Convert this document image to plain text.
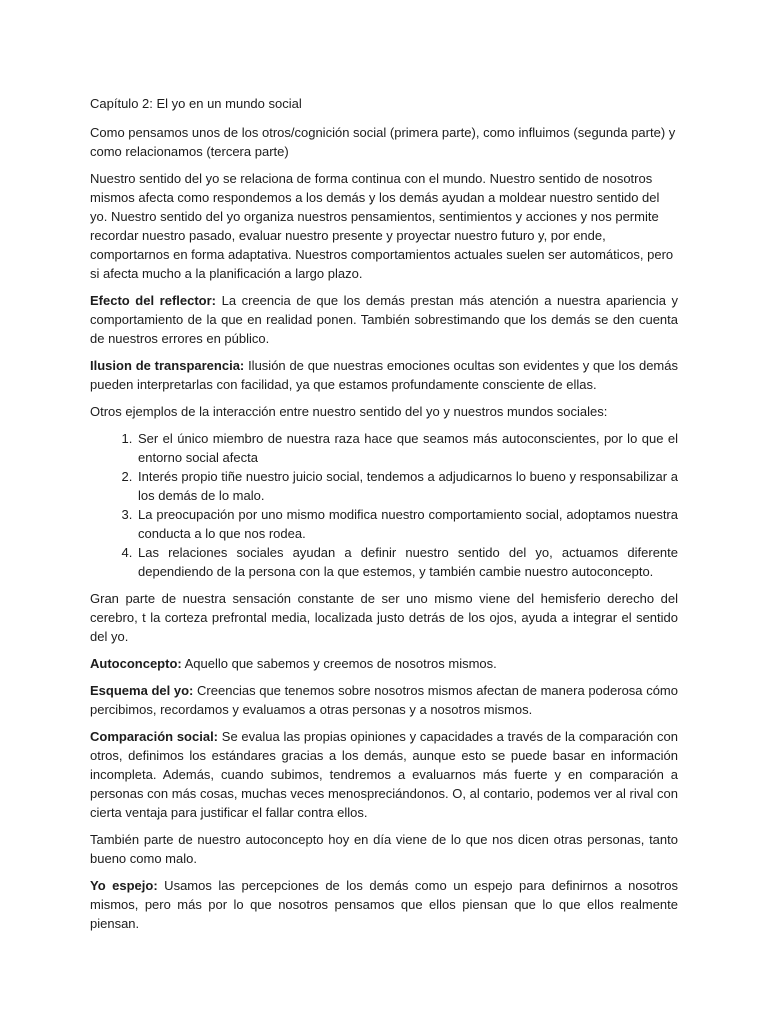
Capítulo 2: El yo en un mundo social

Como pensamos unos de los otros/cognición social (primera parte), como influimos (segunda parte) y como relacionamos (tercera parte)

Nuestro sentido del yo se relaciona de forma continua con el mundo. Nuestro sentido de nosotros mismos afecta como respondemos a los demás y los demás ayudan a moldear nuestro sentido del yo. Nuestro sentido del yo organiza nuestros pensamientos, sentimientos y acciones y nos permite recordar nuestro pasado, evaluar nuestro presente y proyectar nuestro futuro y, por ende, comportarnos en forma adaptativa. Nuestros comportamientos actuales suelen ser automáticos, pero si afecta mucho a la planificación a largo plazo.

Efecto del reflector: La creencia de que los demás prestan más atención a nuestra apariencia y comportamiento de la que en realidad ponen. También sobrestimando que los demás se den cuenta de nuestros errores en público.

Ilusion de transparencia: Ilusión de que nuestras emociones ocultas son evidentes y que los demás pueden interpretarlas con facilidad, ya que estamos profundamente consciente de ellas.

Otros ejemplos de la interacción entre nuestro sentido del yo y nuestros mundos sociales:

1. Ser el único miembro de nuestra raza hace que seamos más autoconscientes, por lo que el entorno social afecta
2. Interés propio tiñe nuestro juicio social, tendemos a adjudicarnos lo bueno y responsabilizar a los demás de lo malo.
3. La preocupación por uno mismo modifica nuestro comportamiento social, adoptamos nuestra conducta a lo que nos rodea.
4. Las relaciones sociales ayudan a definir nuestro sentido del yo, actuamos diferente dependiendo de la persona con la que estemos, y también cambie nuestro autoconcepto.

Gran parte de nuestra sensación constante de ser uno mismo viene del hemisferio derecho del cerebro, t la corteza prefrontal media, localizada justo detrás de los ojos, ayuda a integrar el sentido del yo.

Autoconcepto: Aquello que sabemos y creemos de nosotros mismos.

Esquema del yo: Creencias que tenemos sobre nosotros mismos afectan de manera poderosa cómo percibimos, recordamos y evaluamos a otras personas y a nosotros mismos.

Comparación social: Se evalua las propias opiniones y capacidades a través de la comparación con otros, definimos los estándares gracias a los demás, aunque esto se puede basar en información incompleta. Además, cuando subimos, tendremos a evaluarnos más fuerte y en comparación a personas con más cosas, muchas veces menospreciándonos. O, al contario, podemos ver al rival con cierta ventaja para justificar el fallar contra ellos.

También parte de nuestro autoconcepto hoy en día viene de lo que nos dicen otras personas, tanto bueno como malo.

Yo espejo: Usamos las percepciones de los demás como un espejo para definirnos a nosotros mismos, pero más por lo que nosotros pensamos que ellos piensan que lo que ellos realmente piensan.
